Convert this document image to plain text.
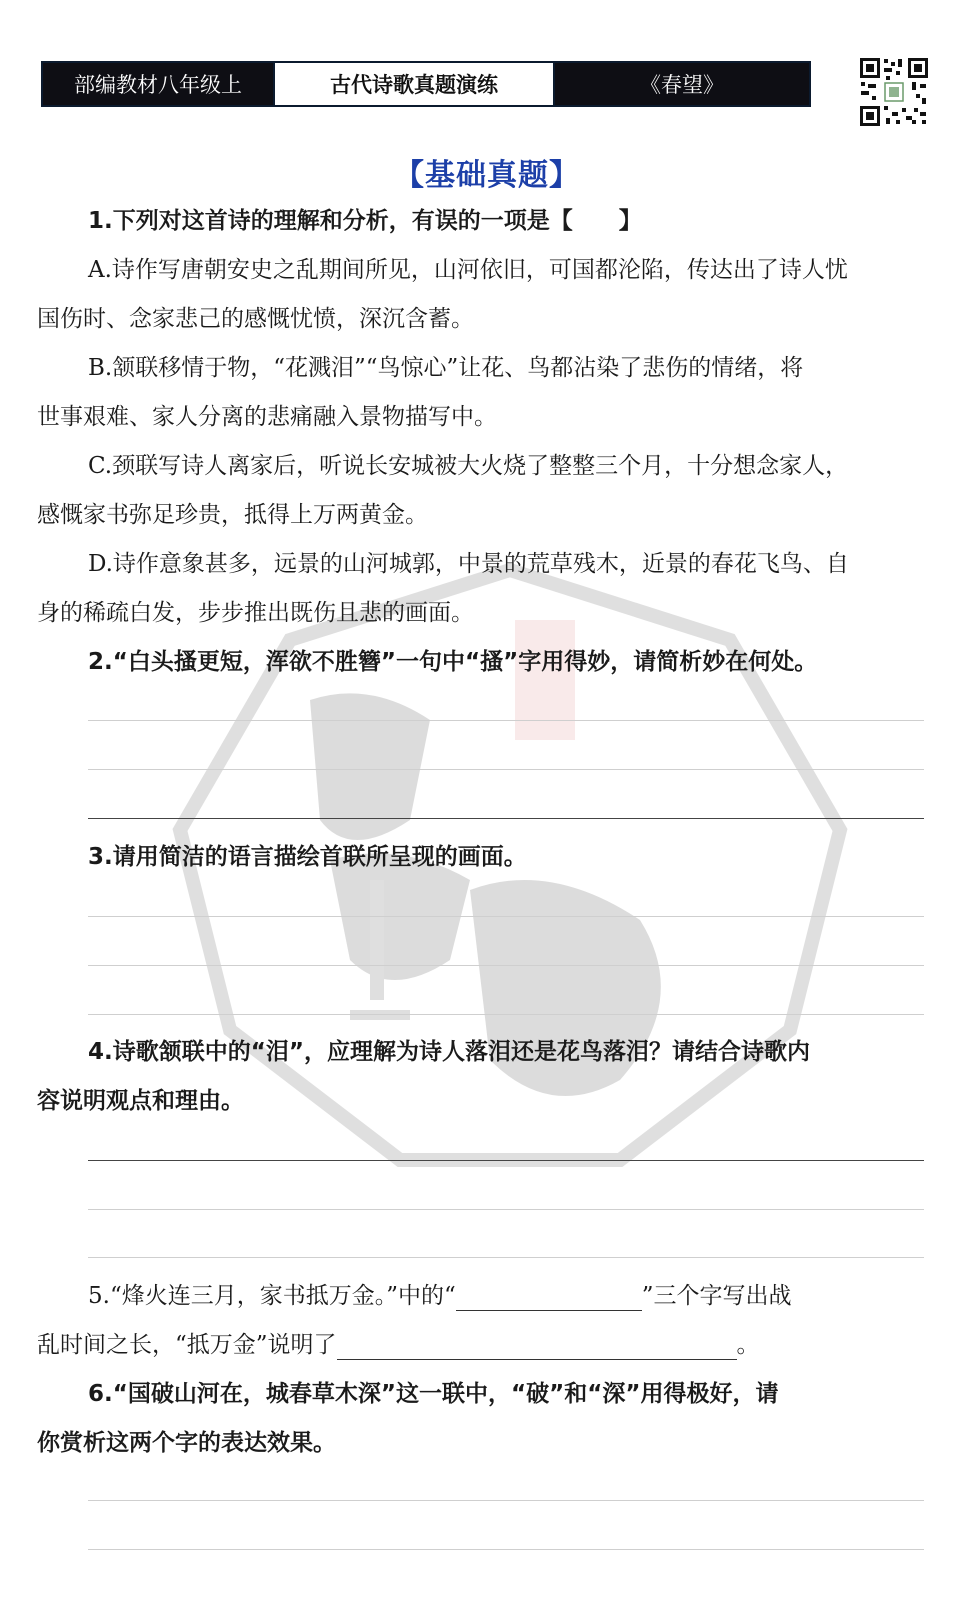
部编教材八年级上	古代诗歌真题演练	《春望》
【基础真题】
1.下列对这首诗的理解和分析，有误的一项是【　　】
A.诗作写唐朝安史之乱期间所见，山河依旧，可国都沦陷，传达出了诗人忧
国伤时、念家悲己的感慨忧愤，深沉含蓄。
B.颔联移情于物，“花溅泪”“鸟惊心”让花、鸟都沾染了悲伤的情绪，将
世事艰难、家人分离的悲痛融入景物描写中。
C.颈联写诗人离家后，听说长安城被大火烧了整整三个月，十分想念家人，
感慨家书弥足珍贵，抵得上万两黄金。
D.诗作意象甚多，远景的山河城郭，中景的荒草残木，近景的春花飞鸟、自
身的稀疏白发，步步推出既伤且悲的画面。
2.“白头搔更短，浑欲不胜簪”一句中“搔”字用得妙，请简析妙在何处。
3.请用简洁的语言描绘首联所呈现的画面。
4.诗歌颔联中的“泪”，应理解为诗人落泪还是花鸟落泪？请结合诗歌内
容说明观点和理由。
5.“烽火连三月，家书抵万金。”中的“	”三个字写出战
乱时间之长，“抵万金”说明了	。
6.“国破山河在，城春草木深”这一联中，“破”和“深”用得极好，请
你赏析这两个字的表达效果。
